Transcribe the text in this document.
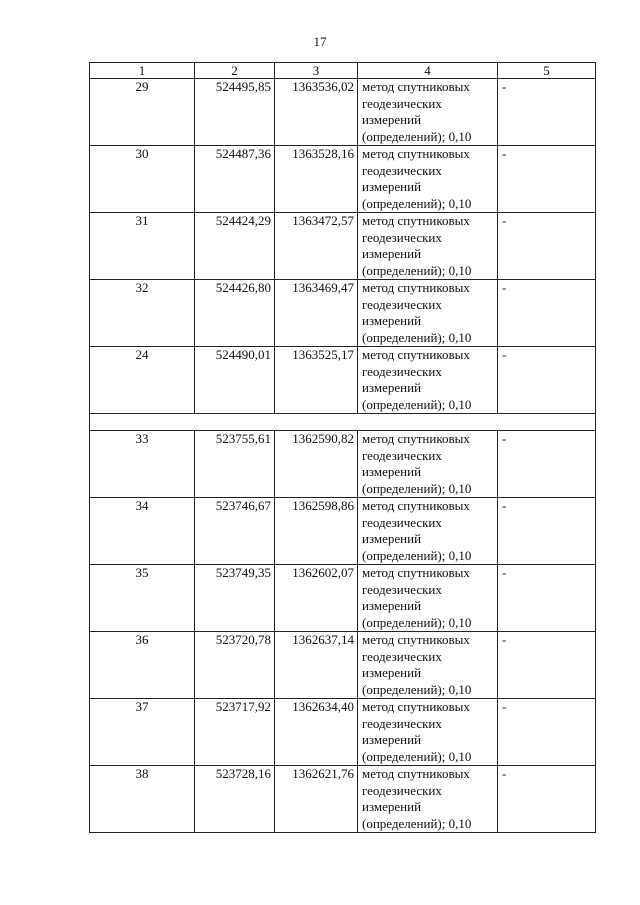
17
1	2	3	4	5
29	524495,85	1363536,02	метод спутниковых геодезических измерений (определений); 0,10	-
30	524487,36	1363528,16	метод спутниковых геодезических измерений (определений); 0,10	-
31	524424,29	1363472,57	метод спутниковых геодезических измерений (определений); 0,10	-
32	524426,80	1363469,47	метод спутниковых геодезических измерений (определений); 0,10	-
24	524490,01	1363525,17	метод спутниковых геодезических измерений (определений); 0,10	-

33	523755,61	1362590,82	метод спутниковых геодезических измерений (определений); 0,10	-
34	523746,67	1362598,86	метод спутниковых геодезических измерений (определений); 0,10	-
35	523749,35	1362602,07	метод спутниковых геодезических измерений (определений); 0,10	-
36	523720,78	1362637,14	метод спутниковых геодезических измерений (определений); 0,10	-
37	523717,92	1362634,40	метод спутниковых геодезических измерений (определений); 0,10	-
38	523728,16	1362621,76	метод спутниковых геодезических измерений (определений); 0,10	-
